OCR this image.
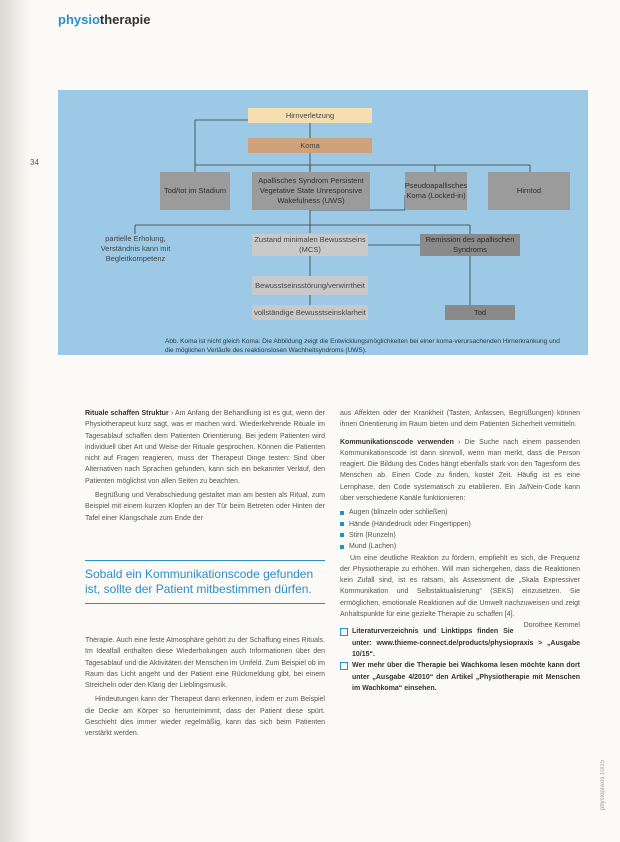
physiotherapie
34
Hirnverletzung
Koma
Tod/tot im Stadium
Apallisches Syndrom Persistent Vegetative State Unresponsive Wakefulness (UWS)
Pseudoapallisches Koma (Locked-in)
Hirntod
partielle Erholung, Verständnis kann mit Begleitkompetenz
Zustand minimalen Bewusstseins (MCS)
Remission des apallischen Syndroms
Bewusstseinsstörung/verwirrtheit
vollständige Bewusstseinsklarheit	Tod
Abb. Koma ist nicht gleich Koma: Die Abbildung zeigt die Entwicklungsmöglichkeiten bei einer koma-verursachenden Hirnerkrankung und die möglichen Verläufe des reaktionslosen Wachheitsyndroms (UWS).

Rituale schaffen Struktur › Am Anfang der Behandlung ist es gut, wenn der Physiotherapeut kurz sagt, was er machen wird. Wiederkehrende Rituale im Tagesablauf schaffen dem Patienten Orientierung. Bei jedem Patienten wird individuell über Art und Weise der Rituale gesprochen. Können die Patienten nicht auf Fragen reagieren, muss der Therapeut Dinge testen: Sind über Alternativen nach Sprachen gefunden, kann sich ein bekannter Verlauf, den Patienten möglichst von allen Seiten zu beachten.

Begrüßung und Verabschiedung gestaltet man am besten als Ritual, zum Beispiel mit einem kurzen Klopfen an der Tür beim Betreten oder Hinten der Tafel einer Klangschale zum Ende der

Sobald ein Kommunikationscode gefunden ist, sollte der Patient mitbestimmen dürfen.

Therapie. Auch eine feste Atmosphäre gehört zu der Schaffung eines Rituals. Im Idealfall enthalten diese Wiederholungen auch Informationen über den Tagesablauf und die Aktivitäten der Menschen im Umfeld. Zum Beispiel ob im Raum das Licht angeht und der Patient eine Rückmeldung gibt, bei einem Streicheln oder den Klang der Lieblingsmusik.

Hindeutungen kann der Therapeut dann erkennen, indem er zum Beispiel die Decke am Körper so herunternimmt, dass der Patient diese spürt. Geschieht dies immer wieder regelmäßig, kann das sich beim Patienten verstärkt werden.

aus Affekten oder der Krankheit (Tasten, Anfassen, Begrüßungen) können ihnen Orientierung im Raum bieten und dem Patienten Sicherheit vermitteln.

Kommunikationscode verwenden › Die Suche nach einem passenden Kommunikationscode ist dann sinnvoll, wenn man merkt, dass die Person reagiert. Die Bildung des Codes hängt ebenfalls stark von den Tagesform des Menschen ab. Einen Code zu finden, kostet Zeit. Häufig ist es eine Lernphase, den Code systematisch zu etablieren. Ein Ja/Nein-Code kann über verschiedene Kanäle funktionieren:

Augen (blinzeln oder schließen)
Hände (Händedruck oder Fingertippen)
Stirn (Runzeln)
Mund (Lachen)

Um eine deutliche Reaktion zu fördern, empfiehlt es sich, die Frequenz der Physiotherapie zu erhöhen. Will man sichergehen, dass die Reaktionen kein Zufall sind, ist es ratsam, als Assessment die „Skala Expressiver Kommunikation und Selbstaktualisierung“ (SEKS) einzusetzen. Sie ermöglichen, emotionale Reaktionen auf die Umwelt nachzuweisen und zeigt Anhaltspunkte für eine gezielte Therapie zu schaffen [4].
Dorothee Kemmel

Literaturverzeichnis und Linktipps finden Sie unter: www.thieme-connect.de/products/physiopraxis > „Ausgabe 10/15“.
Wer mehr über die Therapie bei Wachkoma lesen möchte kann dort unter „Ausgabe 4/2010“ den Artikel „Physiotherapie mit Menschen im Wachkoma“ einsehen.
physiopraxis 10/15
